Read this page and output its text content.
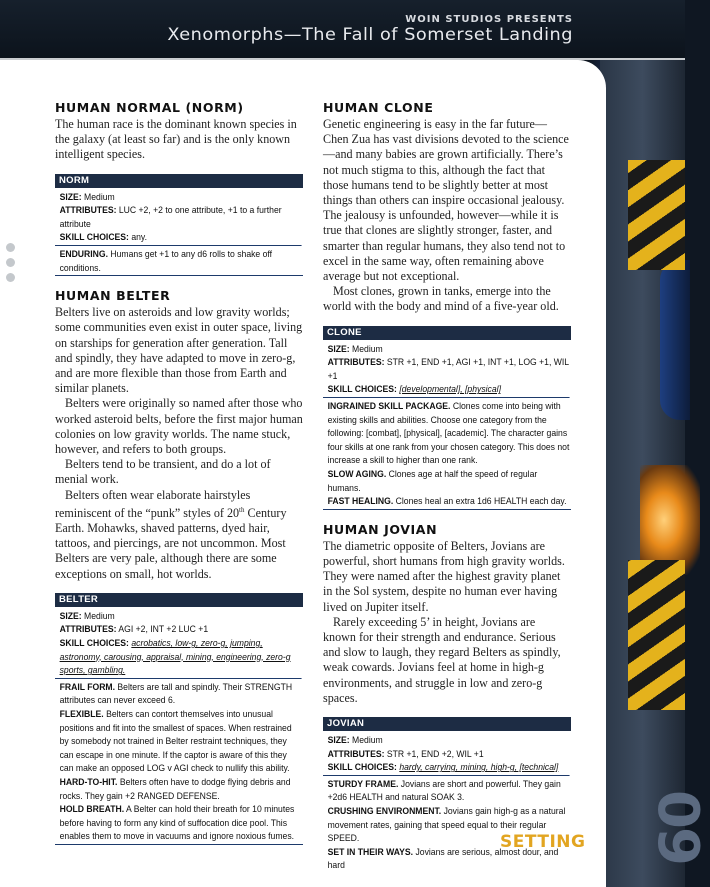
09
WOIN STUDIOS PRESENTS
Xenomorphs—The Fall of Somerset Landing
HUMAN NORMAL (NORM)

The human race is the dominant known species in the galaxy (at least so far) and is the only known intelligent species.

NORM
SIZE: Medium
ATTRIBUTES: LUC +2, +2 to one attribute, +1 to a further attribute
SKILL CHOICES: any.
ENDURING. Humans get +1 to any d6 rolls to shake off conditions.
HUMAN BELTER

Belters live on asteroids and low gravity worlds; some communities even exist in outer space, living on starships for generation after generation. Tall and spindly, they have adapted to move in zero-g, and are more flexible than those from Earth and similar planets.

Belters were originally so named after those who worked asteroid belts, before the first major human colonies on low gravity worlds. The name stuck, however, and refers to both groups.

Belters tend to be transient, and do a lot of menial work.

Belters often wear elaborate hairstyles reminiscent of the “punk” styles of 20th Century Earth. Mohawks, shaved patterns, dyed hair, tattoos, and piercings, are not uncommon. Most Belters are very pale, although there are some exceptions on small, hot worlds.

BELTER
SIZE: Medium
ATTRIBUTES: AGI +2, INT +2 LUC +1
SKILL CHOICES: acrobatics, low-g, zero-g, jumping, astronomy, carousing, appraisal, mining, engineering, zero-g sports, gambling.
FRAIL FORM. Belters are tall and spindly. Their STRENGTH attributes can never exceed 6.
FLEXIBLE. Belters can contort themselves into unusual positions and fit into the smallest of spaces. When restrained by somebody not trained in Belter restraint techniques, they can escape in one minute. If the captor is aware of this they can make an opposed LOG v AGI check to nullify this ability.
HARD-TO-HIT. Belters often have to dodge flying debris and rocks. They gain +2 RANGED DEFENSE.
HOLD BREATH. A Belter can hold their breath for 10 minutes before having to form any kind of suffocation dice pool. This enables them to move in vacuums and ignore noxious fumes.
HUMAN CLONE

Genetic engineering is easy in the far future—Chen Zua has vast divisions devoted to the science—and many babies are grown artificially. There’s not much stigma to this, although the fact that those humans tend to be slightly better at most things than others can inspire occasional jealousy. The jealousy is unfounded, however—while it is true that clones are slightly stronger, faster, and smarter than regular humans, they also tend not to excel in the same way, often remaining above average but not exceptional.

Most clones, grown in tanks, emerge into the world with the body and mind of a five-year old.

CLONE
SIZE: Medium
ATTRIBUTES: STR +1, END +1, AGI +1, INT +1, LOG +1, WIL +1
SKILL CHOICES: [developmental], [physical]
INGRAINED SKILL PACKAGE. Clones come into being with existing skills and abilities. Choose one category from the following: [combat], [physical], [academic]. The character gains four skills at one rank from your chosen category. This does not increase a skill to higher than one rank.
SLOW AGING. Clones age at half the speed of regular humans.
FAST HEALING. Clones heal an extra 1d6 HEALTH each day.
HUMAN JOVIAN

The diametric opposite of Belters, Jovians are powerful, short humans from high gravity worlds. They were named after the highest gravity planet in the Sol system, despite no human ever having lived on Jupiter itself.

Rarely exceeding 5’ in height, Jovians are known for their strength and endurance. Serious and slow to laugh, they regard Belters as spindly, weak cowards. Jovians feel at home in high-g environments, and struggle in low and zero-g spaces.

JOVIAN
SIZE: Medium
ATTRIBUTES: STR +1, END +2, WIL +1
SKILL CHOICES: hardy, carrying, mining, high-g, [technical]
STURDY FRAME. Jovians are short and powerful. They gain +2d6 HEALTH and natural SOAK 3.
CRUSHING ENVIRONMENT. Jovians gain high-g as a natural movement rates, gaining that speed equal to their regular SPEED.
SET IN THEIR WAYS. Jovians are serious, almost dour, and hard
SETTING
